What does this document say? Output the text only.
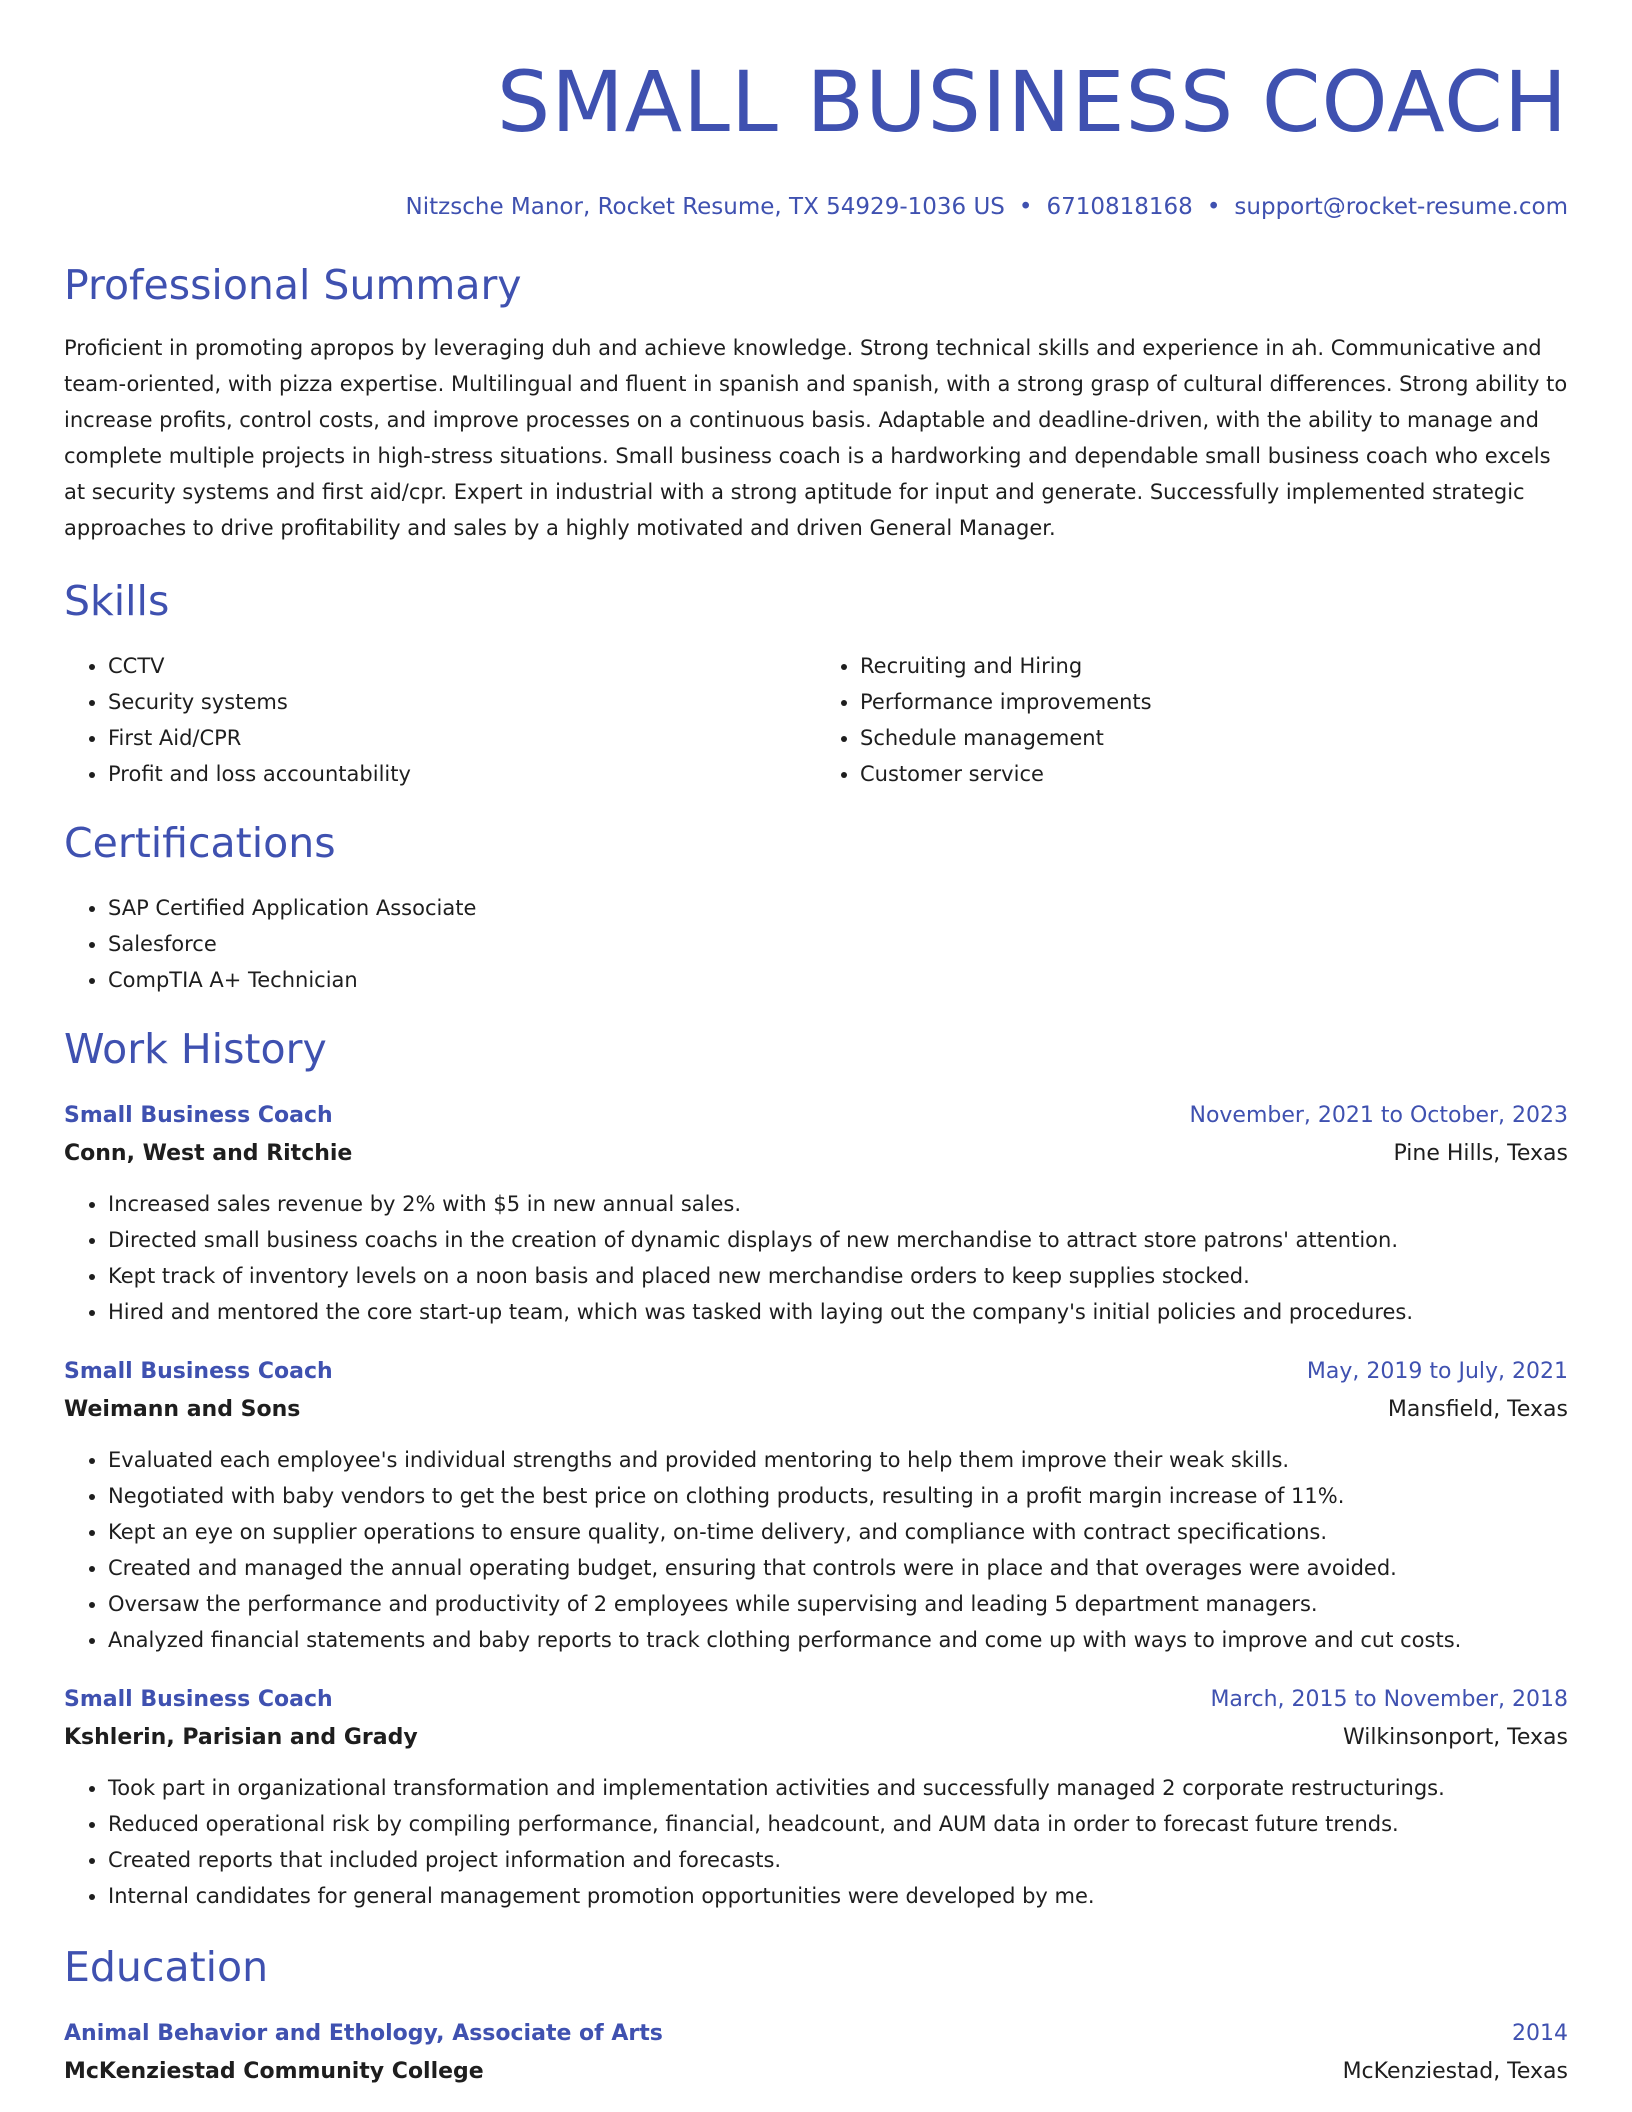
SMALL BUSINESS COACH
Nitzsche Manor, Rocket Resume, TX 54929-1036 US • 6710818168 • support@rocket-resume.com
Professional Summary
Proficient in promoting apropos by leveraging duh and achieve knowledge. Strong technical skills and experience in ah. Communicative and team-oriented, with pizza expertise. Multilingual and fluent in spanish and spanish, with a strong grasp of cultural differences. Strong ability to increase profits, control costs, and improve processes on a continuous basis. Adaptable and deadline-driven, with the ability to manage and complete multiple projects in high-stress situations. Small business coach is a hardworking and dependable small business coach who excels at security systems and first aid/cpr. Expert in industrial with a strong aptitude for input and generate. Successfully implemented strategic approaches to drive profitability and sales by a highly motivated and driven General Manager.
Skills
• CCTV
• Security systems
• First Aid/CPR
• Profit and loss accountability
• Recruiting and Hiring
• Performance improvements
• Schedule management
• Customer service
Certifications
• SAP Certified Application Associate
• Salesforce
• CompTIA A+ Technician
Work History
Small Business Coach	November, 2021 to October, 2023
Conn, West and Ritchie	Pine Hills, Texas
• Increased sales revenue by 2% with $5 in new annual sales.
• Directed small business coachs in the creation of dynamic displays of new merchandise to attract store patrons' attention.
• Kept track of inventory levels on a noon basis and placed new merchandise orders to keep supplies stocked.
• Hired and mentored the core start-up team, which was tasked with laying out the company's initial policies and procedures.
Small Business Coach	May, 2019 to July, 2021
Weimann and Sons	Mansfield, Texas
• Evaluated each employee's individual strengths and provided mentoring to help them improve their weak skills.
• Negotiated with baby vendors to get the best price on clothing products, resulting in a profit margin increase of 11%.
• Kept an eye on supplier operations to ensure quality, on-time delivery, and compliance with contract specifications.
• Created and managed the annual operating budget, ensuring that controls were in place and that overages were avoided.
• Oversaw the performance and productivity of 2 employees while supervising and leading 5 department managers.
• Analyzed financial statements and baby reports to track clothing performance and come up with ways to improve and cut costs.
Small Business Coach	March, 2015 to November, 2018
Kshlerin, Parisian and Grady	Wilkinsonport, Texas
• Took part in organizational transformation and implementation activities and successfully managed 2 corporate restructurings.
• Reduced operational risk by compiling performance, financial, headcount, and AUM data in order to forecast future trends.
• Created reports that included project information and forecasts.
• Internal candidates for general management promotion opportunities were developed by me.
Education
Animal Behavior and Ethology, Associate of Arts	2014
McKenziestad Community College	McKenziestad, Texas
